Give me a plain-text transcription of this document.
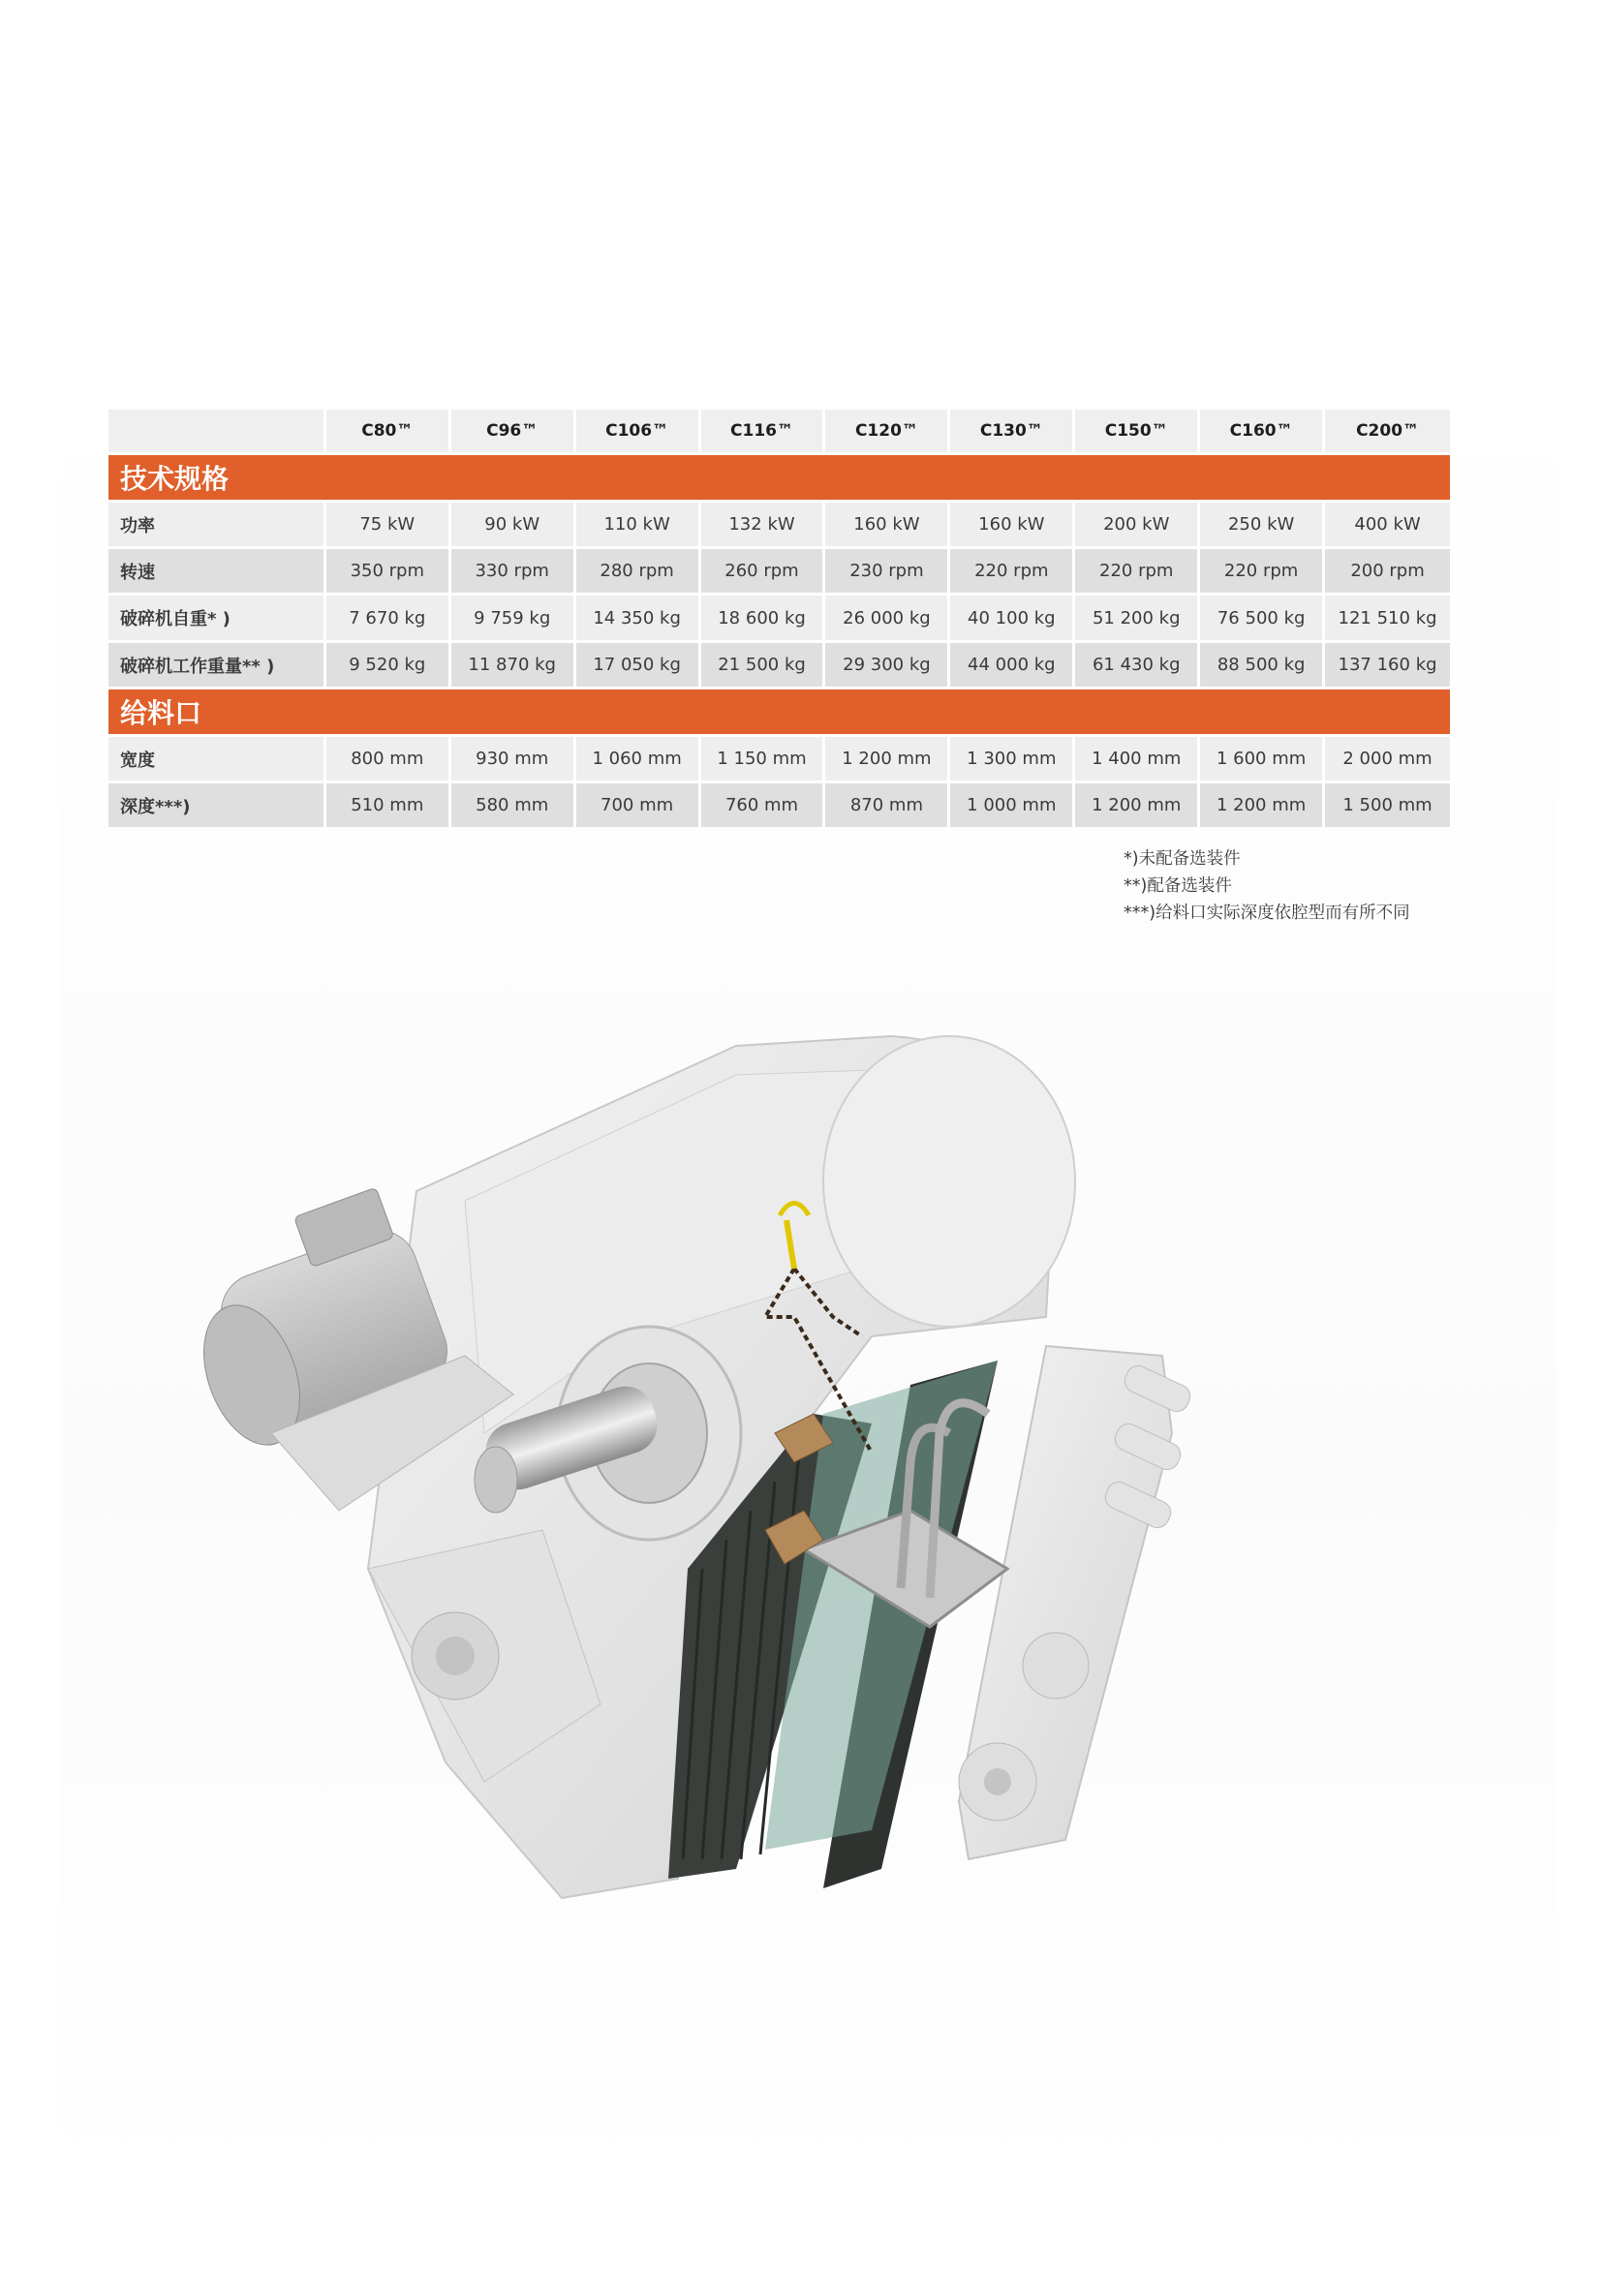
C80™	C96™	C106™	C116™	C120™	C130™	C150™	C160™	C200™
技术规格
功率	75 kW	90 kW	110 kW	132 kW	160 kW	160 kW	200 kW	250 kW	400 kW
转速	350 rpm	330 rpm	280 rpm	260 rpm	230 rpm	220 rpm	220 rpm	220 rpm	200 rpm
破碎机自重* )	7 670 kg	9 759 kg	14 350 kg	18 600 kg	26 000 kg	40 100 kg	51 200 kg	76 500 kg	121 510 kg
破碎机工作重量** )	9 520 kg	11 870 kg	17 050 kg	21 500 kg	29 300 kg	44 000 kg	61 430 kg	88 500 kg	137 160 kg
给料口
宽度	800 mm	930 mm	1 060 mm	1 150 mm	1 200 mm	1 300 mm	1 400 mm	1 600 mm	2 000 mm
深度***)	510 mm	580 mm	700 mm	760 mm	870 mm	1 000 mm	1 200 mm	1 200 mm	1 500 mm
*)未配备选装件
**)配备选装件
***)给料口实际深度依腔型而有所不同
